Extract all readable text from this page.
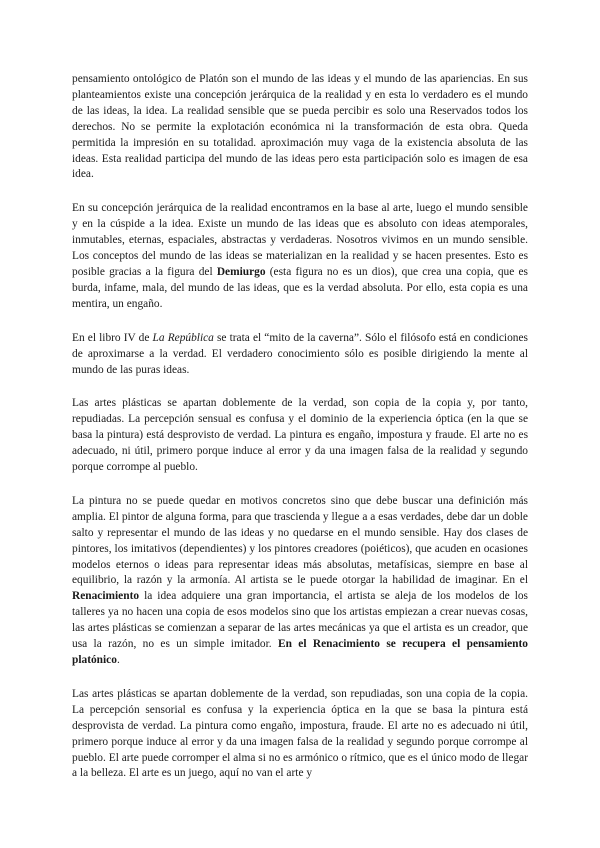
pensamiento ontológico de Platón son el mundo de las ideas y el mundo de las apariencias. En sus planteamientos existe una concepción jerárquica de la realidad y en esta lo verdadero es el mundo de las ideas, la idea. La realidad sensible que se pueda percibir es solo una Reservados todos los derechos. No se permite la explotación económica ni la transformación de esta obra. Queda permitida la impresión en su totalidad. aproximación muy vaga de la existencia absoluta de las ideas. Esta realidad participa del mundo de las ideas pero esta participación solo es imagen de esa idea.

En su concepción jerárquica de la realidad encontramos en la base al arte, luego el mundo sensible y en la cúspide a la idea. Existe un mundo de las ideas que es absoluto con ideas atemporales, inmutables, eternas, espaciales, abstractas y verdaderas. Nosotros vivimos en un mundo sensible. Los conceptos del mundo de las ideas se materializan en la realidad y se hacen presentes. Esto es posible gracias a la figura del Demiurgo (esta figura no es un dios), que crea una copia, que es burda, infame, mala, del mundo de las ideas, que es la verdad absoluta. Por ello, esta copia es una mentira, un engaño.

En el libro IV de La República se trata el “mito de la caverna”. Sólo el filósofo está en condiciones de aproximarse a la verdad. El verdadero conocimiento sólo es posible dirigiendo la mente al mundo de las puras ideas.

Las artes plásticas se apartan doblemente de la verdad, son copia de la copia y, por tanto, repudiadas. La percepción sensual es confusa y el dominio de la experiencia óptica (en la que se basa la pintura) está desprovisto de verdad. La pintura es engaño, impostura y fraude. El arte no es adecuado, ni útil, primero porque induce al error y da una imagen falsa de la realidad y segundo porque corrompe al pueblo.

La pintura no se puede quedar en motivos concretos sino que debe buscar una definición más amplia. El pintor de alguna forma, para que trascienda y llegue a a esas verdades, debe dar un doble salto y representar el mundo de las ideas y no quedarse en el mundo sensible. Hay dos clases de pintores, los imitativos (dependientes) y los pintores creadores (poiéticos), que acuden en ocasiones modelos eternos o ideas para representar ideas más absolutas, metafísicas, siempre en base al equilibrio, la razón y la armonía. Al artista se le puede otorgar la habilidad de imaginar. En el Renacimiento la idea adquiere una gran importancia, el artista se aleja de los modelos de los talleres ya no hacen una copia de esos modelos sino que los artistas empiezan a crear nuevas cosas, las artes plásticas se comienzan a separar de las artes mecánicas ya que el artista es un creador, que usa la razón, no es un simple imitador. En el Renacimiento se recupera el pensamiento platónico.

Las artes plásticas se apartan doblemente de la verdad, son repudiadas, son una copia de la copia. La percepción sensorial es confusa y la experiencia óptica en la que se basa la pintura está desprovista de verdad. La pintura como engaño, impostura, fraude. El arte no es adecuado ni útil, primero porque induce al error y da una imagen falsa de la realidad y segundo porque corrompe al pueblo. El arte puede corromper el alma si no es armónico o rítmico, que es el único modo de llegar a la belleza. El arte es un juego, aquí no van el arte y
